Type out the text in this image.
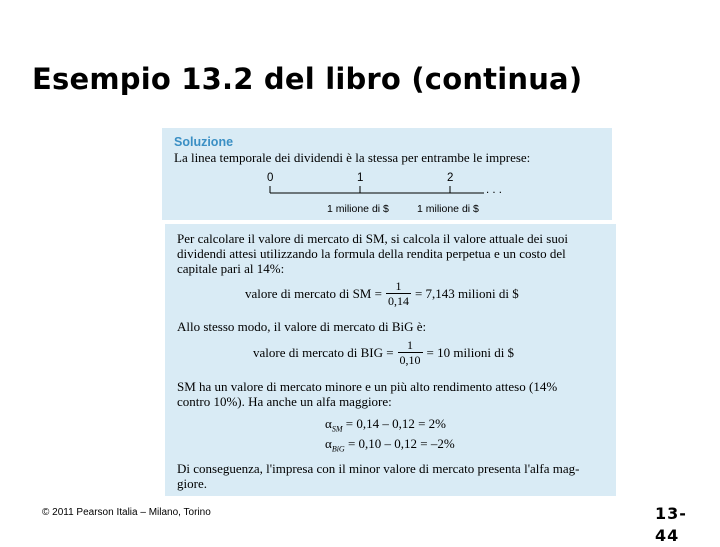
Esempio 13.2 del libro (continua)
Soluzione
La linea temporale dei dividendi è la stessa per entrambe le imprese:
0	1	2
. . .
1 milione di $	1 milione di $
Per calcolare il valore di mercato di SM, si calcola il valore attuale dei suoi
dividendi attesi utilizzando la formula della rendita perpetua e un costo del
capitale pari al 14%:
valore di mercato di SM = $\frac{1}{0,14} = 7,143$ milioni di $
Allo stesso modo, il valore di mercato di BiG è:
valore di mercato di BIG = $\frac{1}{0,10} = 10$ milioni di $
SM ha un valore di mercato minore e un più alto rendimento atteso (14%
contro 10%). Ha anche un alfa maggiore:
$\alpha_{SM} = 0,14 - 0,12 = 2\%$
$\alpha_{BiG} = 0,10 - 0,12 = -2\%$
Di conseguenza, l'impresa con il minor valore di mercato presenta l'alfa mag-
giore.
© 2011 Pearson Italia – Milano, Torino	13-
44
